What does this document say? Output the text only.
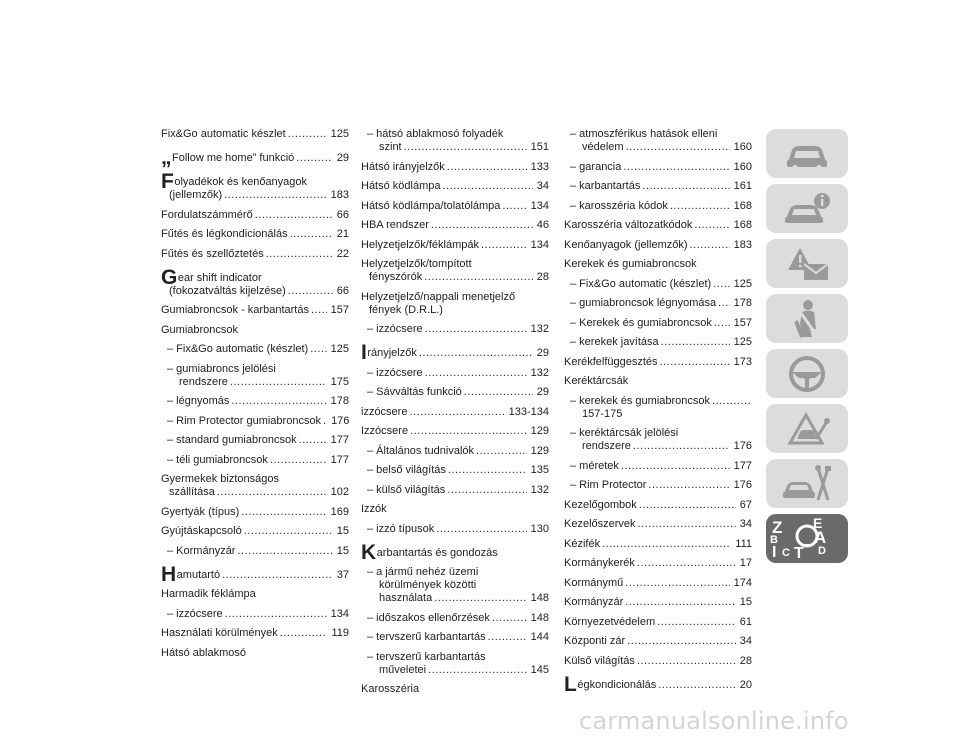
Fix&Go automatic készlet .....	125
„Follow me home” funkció .....	29
Folyadékok és kenőanyagok
(jellemzők) .....	183
Fordulatszámmérő .....	66
Fűtés és légkondicionálás .....	21
Fűtés és szellőztetés .....	22
Gear shift indicator
(fokozatváltás kijelzése) .....	66
Gumiabroncsok - karbantartás ..... 157
Gumiabroncsok
– Fix&Go automatic (készlet) ..... 125
– gumiabroncs jelölési
rendszere .....	175
– légnyomás .....	178
– Rim Protector gumiabroncsok ..... 176
– standard gumiabroncsok .....	177
– téli gumiabroncsok .....	177
Gyermekek biztonságos
szállítása .....	102
Gyertyák (típus) .....	169
Gyújtáskapcsoló .....	15
– Kormányzár .....	15
Hamutartó .....	37
Harmadik féklámpa
– izzócsere .....	134
Használati körülmények .....	119
Hátsó ablakmosó
– hátsó ablakmosó folyadék
szint .....	151
Hátsó irányjelzők .....	133
Hátsó ködlámpa .....	34
Hátsó ködlámpa/tolatólámpa .....	134
HBA rendszer .....	46
Helyzetjelzők/féklámpák .....	134
Helyzetjelzők/tompított
fényszórók .....	28
Helyzetjelző/nappali menetjelző
fények (D.R.L.)
– izzócsere .....	132
Irányjelzők .....	29
– izzócsere .....	132
– Sávváltás funkció .....	29
izzócsere .....	133-134
Izzócsere .....	129
– Általános tudnivalók .....	129
– belső világítás .....	135
– külső világítás .....	132
Izzók
– izzó típusok .....	130
Karbantartás és gondozás
– a jármű nehéz üzemi
körülmények közötti
használata .....	148
– időszakos ellenőrzések .....	148
– tervszerű karbantartás .....	144
– tervszerű karbantartás
műveletei .....	145
Karosszéria
– atmoszférikus hatások elleni
védelem .....	160
– garancia .....	160
– karbantartás .....	161
– karosszéria kódok .....	168
Karosszéria változatkódok .....	168
Kenőanyagok (jellemzők) .....	183
Kerekek és gumiabroncsok
– Fix&Go automatic (készlet) ..... 125
– gumiabroncsok légnyomása ..... 178
– Kerekek és gumiabroncsok ..... 157
– kerekek javítása .....	125
Kerékfelfüggesztés .....	173
Keréktárcsák
– kerekek és gumiabroncsok
.....
157-175
– keréktárcsák jelölési
rendszere .....	176
– méretek .....	177
– Rim Protector .....	176
Kezelőgombok .....	67
Kezelőszervek .....	34
Kézifék .....	111
Kormánykerék .....	17
Kormánymű .....	174
Kormányzár .....	15
Környezetvédelem .....	61
Központi zár .....	34
Külső világítás .....	28
Légkondicionálás .....	20
Z E
B A
I C T D
carmanualsonline.info
